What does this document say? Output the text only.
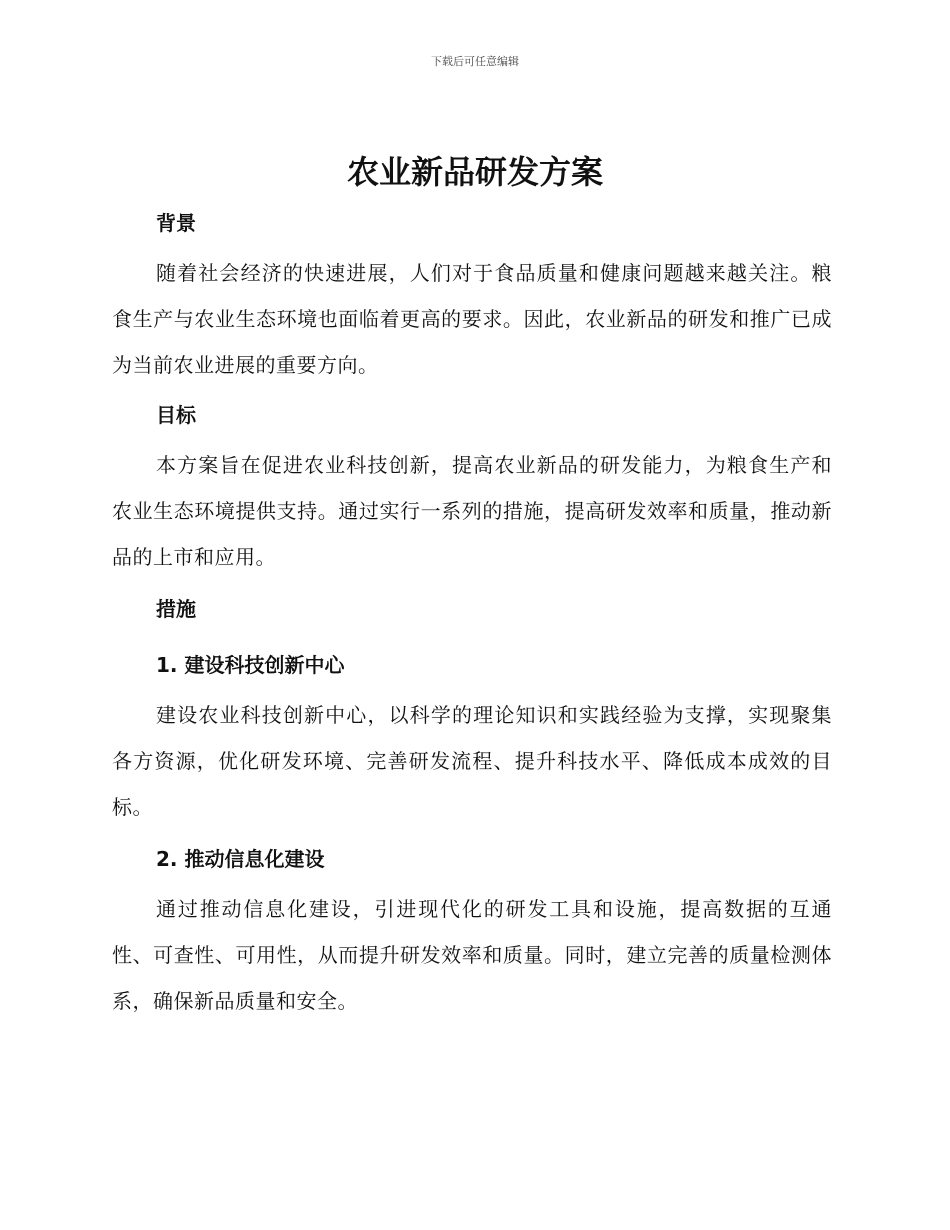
下载后可任意编辑
农业新品研发方案
背景

随着社会经济的快速进展，人们对于食品质量和健康问题越来越关注。粮食生产与农业生态环境也面临着更高的要求。因此，农业新品的研发和推广已成为当前农业进展的重要方向。

目标

本方案旨在促进农业科技创新，提高农业新品的研发能力，为粮食生产和农业生态环境提供支持。通过实行一系列的措施，提高研发效率和质量，推动新品的上市和应用。

措施
1. 建设科技创新中心

建设农业科技创新中心，以科学的理论知识和实践经验为支撑，实现聚集各方资源，优化研发环境、完善研发流程、提升科技水平、降低成本成效的目标。

2. 推动信息化建设

通过推动信息化建设，引进现代化的研发工具和设施，提高数据的互通性、可查性、可用性，从而提升研发效率和质量。同时，建立完善的质量检测体系，确保新品质量和安全。
